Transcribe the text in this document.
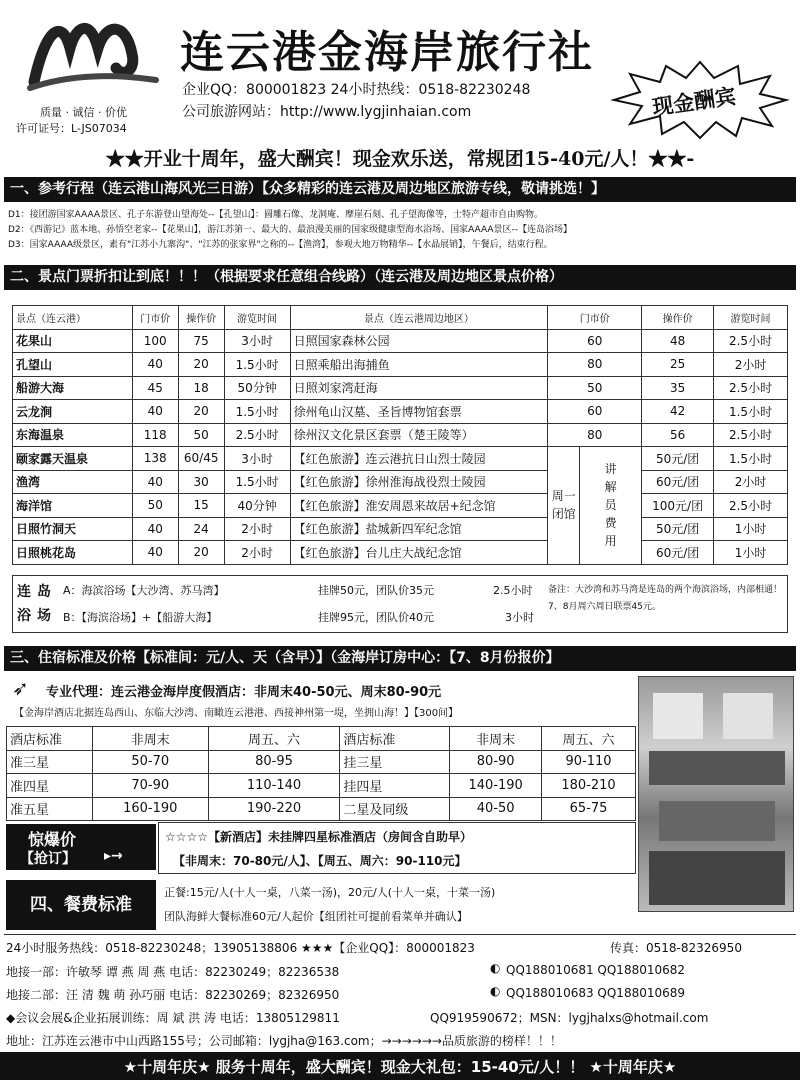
连云港金海岸旅行社
企业QQ：800001823 24小时热线：0518-82230248
公司旅游网站：http://www.lygjinhaian.com
质量 · 诚信 · 价优
许可证号：L-JS07034
现金酬宾
★★开业十周年，盛大酬宾！现金欢乐送，常规团15-40元/人！★★-
一、参考行程（连云港山海风光三日游）【众多精彩的连云港及周边地区旅游专线，敬请挑选！】
D1：接团游国家AAAA景区、孔子东游登山望海处--【孔望山】：圆雕石像、龙洞庵、摩崖石刻、孔子望海像等，士特产超市自由购物。
D2：《西游记》蓝本地、孙悟空老家--【花果山】，游江苏第一、最大的、最浪漫美丽的国家级健康型海水浴场、国家AAAA景区--【连岛浴场】
D3：国家AAAA级景区，素有"江苏小九寨沟"、"江苏的张家界"之称的--【渔湾】，参观大地万物精华--【水晶展销】，午餐后，结束行程。
二、景点门票折扣让到底！！！（根据要求任意组合线路）（连云港及周边地区景点价格）
景点（连云港）	门市价	操作价	游览时间	景点（连云港周边地区）	门市价		操作价	游览时间
花果山	100	75	3小时	日照国家森林公园	60		48	2.5小时
孔望山	40	20	1.5小时	日照乘船出海捕鱼	80		25	2小时
船游大海	45	18	50分钟	日照刘家湾赶海	50		35	2.5小时
云龙涧	40	20	1.5小时	徐州龟山汉墓、圣旨博物馆套票	60		42	1.5小时
东海温泉	118	50	2.5小时	徐州汉文化景区套票（楚王陵等）	80		56	2.5小时
颐家露天温泉	138	60/45	3小时	【红色旅游】连云港抗日山烈士陵园	周一闭馆	讲解员费用	50元/团	1.5小时
渔湾	40	30	1.5小时	【红色旅游】徐州淮海战役烈士陵园			60元/团	2小时
海洋馆	50	15	40分钟	【红色旅游】淮安周恩来故居+纪念馆			100元/团	2.5小时
日照竹洞天	40	24	2小时	【红色旅游】盐城新四军纪念馆			50元/团	1小时
日照桃花岛	40	20	2小时	【红色旅游】台儿庄大战纪念馆			60元/团	1小时
连岛浴场
A：海滨浴场【大沙湾、苏马湾】	挂牌50元，团队价35元	2.5小时
B：【海滨浴场】+【船游大海】	挂牌95元，团队价40元	3小时
备注：大沙湾和苏马湾是连岛的两个海滨浴场，内部相通！7、8月周六周日联票45元。
三、住宿标准及价格【标准间：元/人、天（含早）】（金海岸订房中心：【7、8月份报价】
➶ 专业代理：连云港金海岸度假酒店：非周末40-50元、周末80-90元
【金海岸酒店北据连岛西山、东临大沙湾、南瞰连云港港、西接神州第一堤，坐拥山海！】【300间】
酒店标准	非周末	周五、六	酒店标准	非周末	周五、六
准三星	50-70	80-95	挂三星	80-90	90-110
准四星	70-90	110-140	挂四星	140-190	180-210
准五星	160-190	190-220	二星及同级	40-50	65-75
惊爆价
【抢订】 ▸→
☆☆☆☆【新酒店】未挂牌四星标准酒店（房间含自助早）
【非周末：70-80元/人】、【周五、周六：90-110元】
四、餐费标准
正餐:15元/人(十人一桌，八菜一汤)，20元/人(十人一桌，十菜一汤)
团队海鲜大餐标准60元/人起价【组团社可提前看菜单并确认】
24小时服务热线：0518-82230248；13905138806 ★★★【企业QQ】：800001823	传真：0518-82326950
地接一部：许敏琴 谭 燕 周 燕 电话：82230249；82236538	◐ QQ188010681 QQ188010682
地接二部：汪 清 魏 萌 孙巧丽 电话：82230269；82326950	◐ QQ188010683 QQ188010689
◆会议会展&企业拓展训练：周 斌 洪 涛 电话：13805129811	QQ919590672；MSN：lygjhalxs@hotmail.com
地址：江苏连云港市中山西路155号；公司邮箱：lygjha@163.com；→→→→→→品质旅游的榜样！！！
★十周年庆★ 服务十周年，盛大酬宾！现金大礼包：15-40元/人！！ ★十周年庆★
